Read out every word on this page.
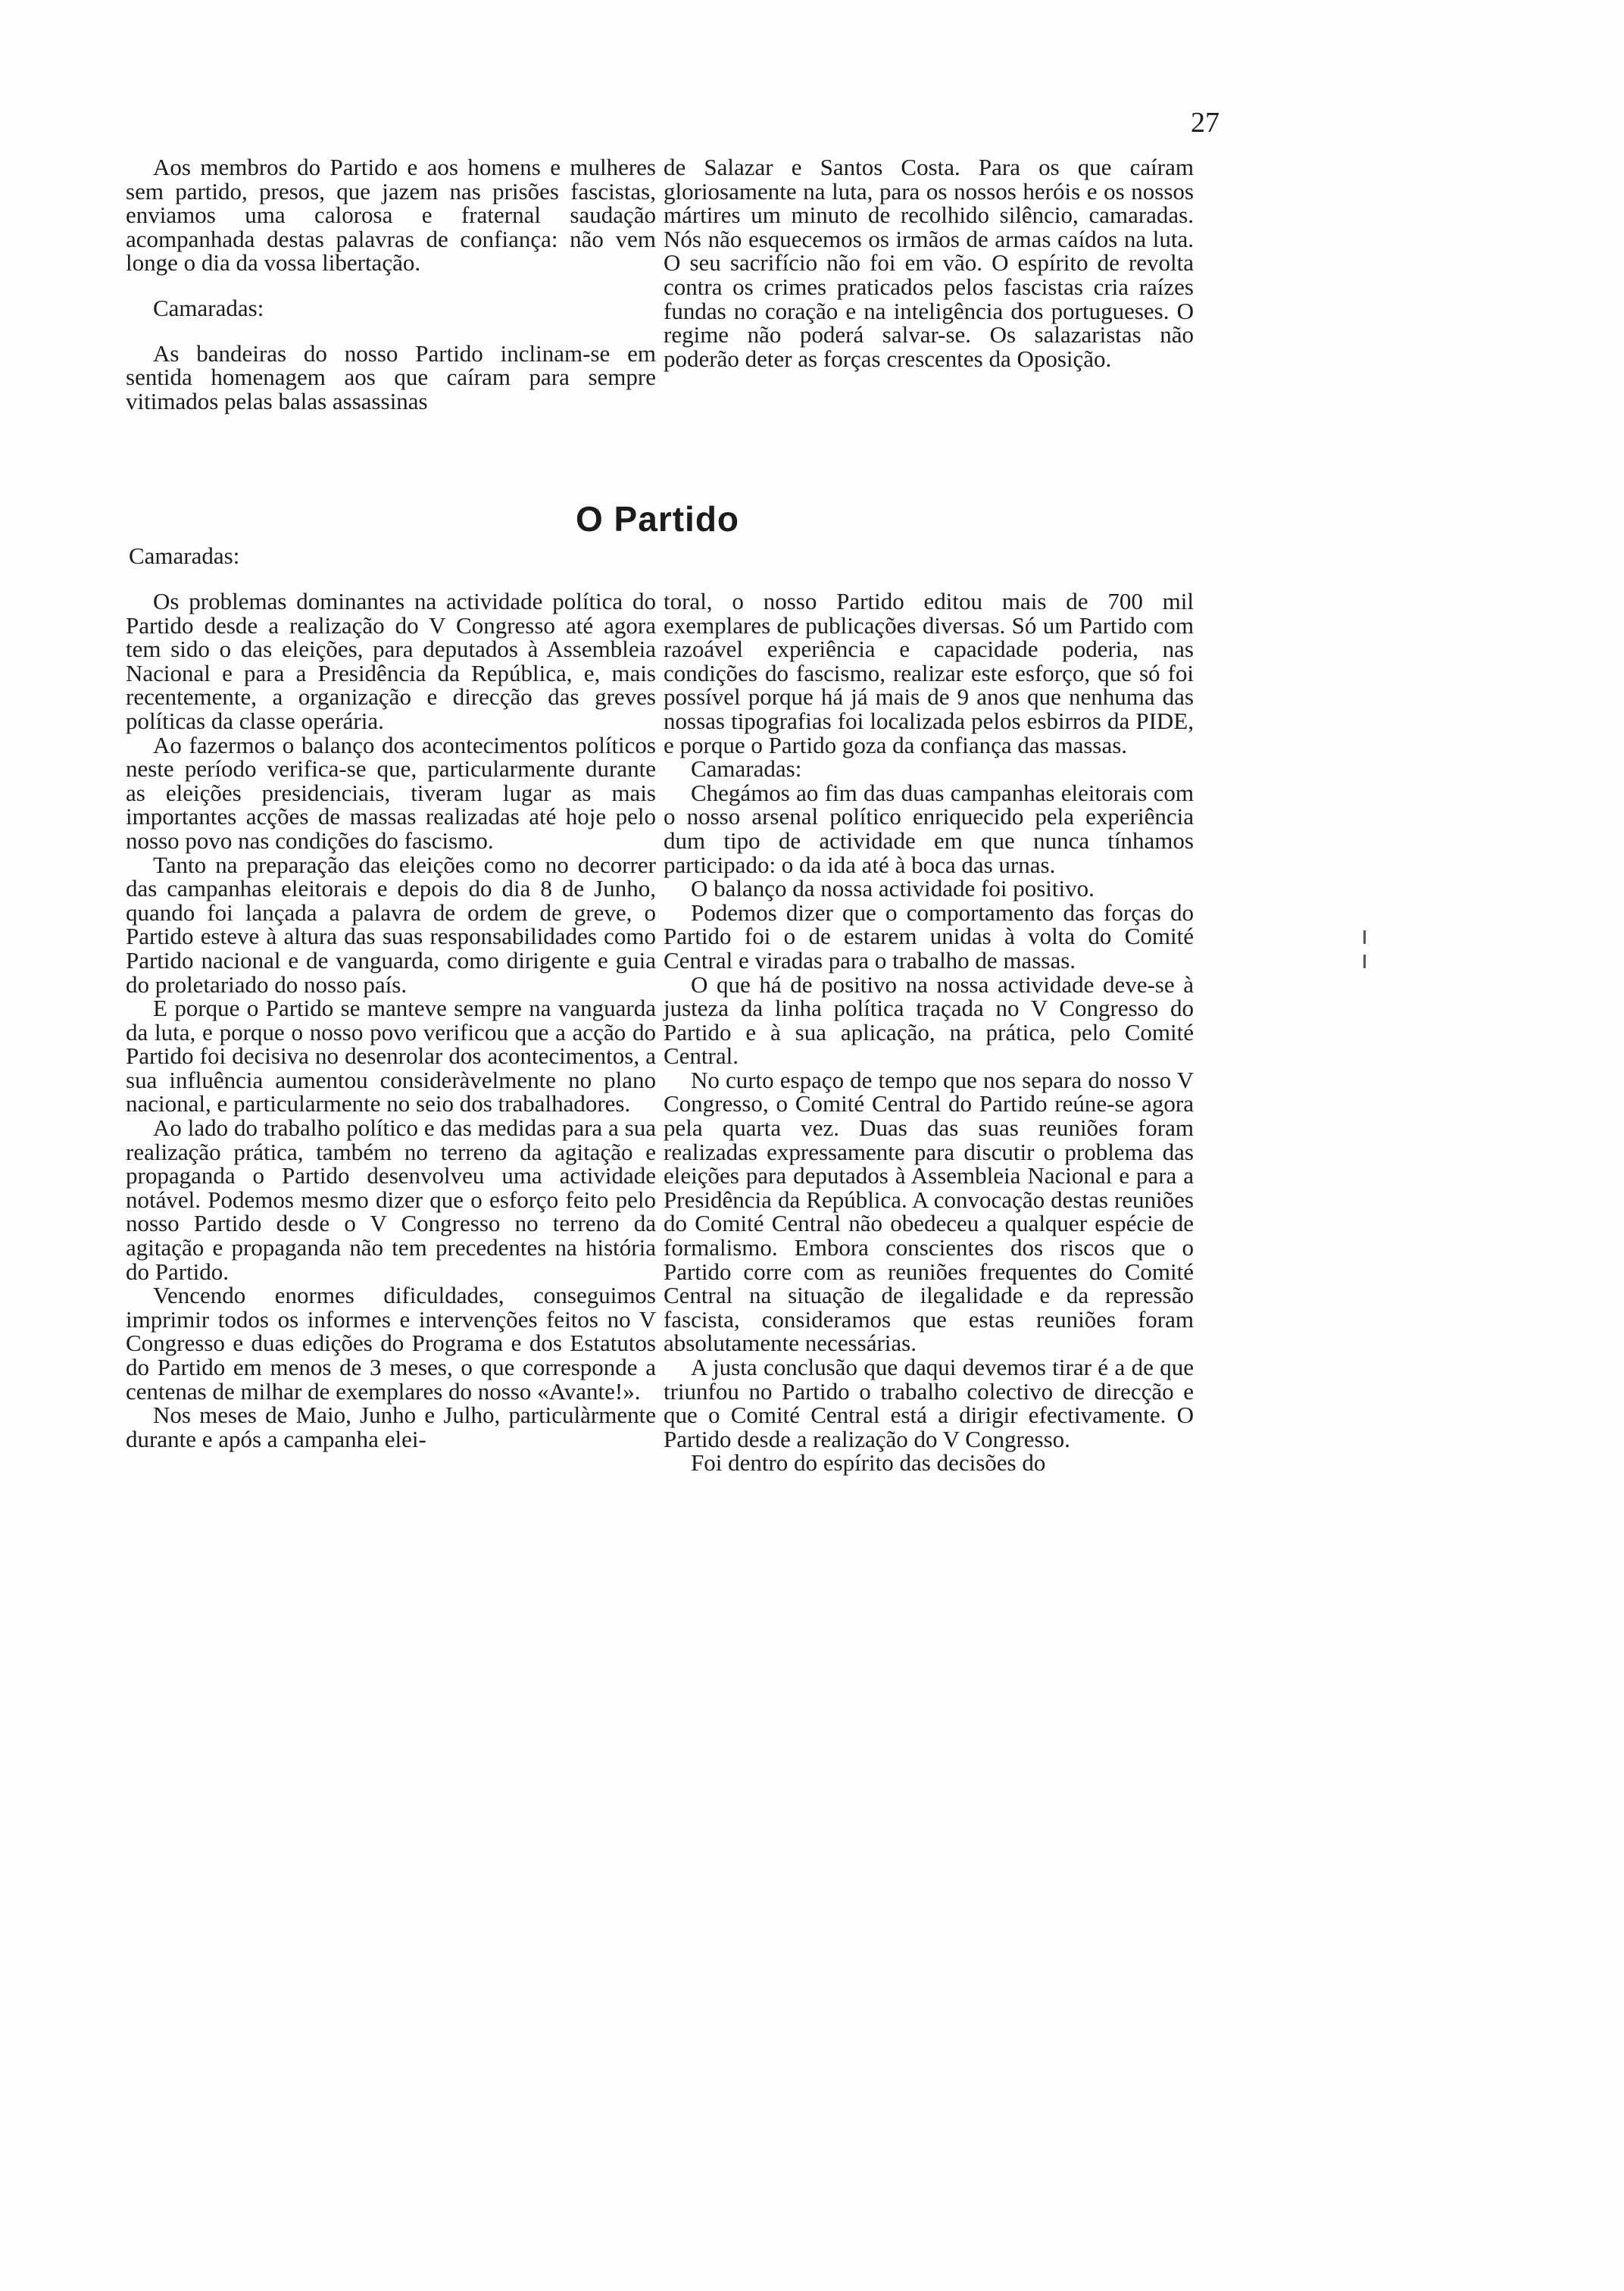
27

Aos membros do Partido e aos homens e mulheres sem partido, presos, que jazem nas prisões fascistas, enviamos uma calorosa e fraternal saudação acompanhada destas palavras de confiança: não vem longe o dia da vossa libertação.

Camaradas:

As bandeiras do nosso Partido inclinam-se em sentida homenagem aos que caíram para sempre vitimados pelas balas assassinas

de Salazar e Santos Costa. Para os que caíram gloriosamente na luta, para os nossos heróis e os nossos mártires um minuto de recolhido silêncio, camaradas. Nós não esquecemos os irmãos de armas caídos na luta. O seu sacrifício não foi em vão. O espírito de revolta contra os crimes praticados pelos fascistas cria raízes fundas no coração e na inteligência dos portugueses. O regime não poderá salvar-se. Os salazaristas não poderão deter as forças crescentes da Oposição.

O Partido
Camaradas:

Os problemas dominantes na actividade política do Partido desde a realização do V Congresso até agora tem sido o das eleições, para deputados à Assembleia Nacional e para a Presidência da República, e, mais recentemente, a organização e direcção das greves políticas da classe operária.

Ao fazermos o balanço dos acontecimentos políticos neste período verifica-se que, particularmente durante as eleições presidenciais, tiveram lugar as mais importantes acções de massas realizadas até hoje pelo nosso povo nas condições do fascismo.

Tanto na preparação das eleições como no decorrer das campanhas eleitorais e depois do dia 8 de Junho, quando foi lançada a palavra de ordem de greve, o Partido esteve à altura das suas responsabilidades como Partido nacional e de vanguarda, como dirigente e guia do proletariado do nosso país.

E porque o Partido se manteve sempre na vanguarda da luta, e porque o nosso povo verificou que a acção do Partido foi decisiva no desenrolar dos acontecimentos, a sua influência aumentou consideràvelmente no plano nacional, e particularmente no seio dos trabalhadores.

Ao lado do trabalho político e das medidas para a sua realização prática, também no terreno da agitação e propaganda o Partido desenvolveu uma actividade notável. Podemos mesmo dizer que o esforço feito pelo nosso Partido desde o V Congresso no terreno da agitação e propaganda não tem precedentes na história do Partido.

Vencendo enormes dificuldades, conseguimos imprimir todos os informes e intervenções feitos no V Congresso e duas edições do Programa e dos Estatutos do Partido em menos de 3 meses, o que corresponde a centenas de milhar de exemplares do nosso «Avante!».

Nos meses de Maio, Junho e Julho, particulàrmente durante e após a campanha elei-

toral, o nosso Partido editou mais de 700 mil exemplares de publicações diversas. Só um Partido com razoável experiência e capacidade poderia, nas condições do fascismo, realizar este esforço, que só foi possível porque há já mais de 9 anos que nenhuma das nossas tipografias foi localizada pelos esbirros da PIDE, e porque o Partido goza da confiança das massas.

Camaradas:

Chegámos ao fim das duas campanhas eleitorais com o nosso arsenal político enriquecido pela experiência dum tipo de actividade em que nunca tínhamos participado: o da ida até à boca das urnas.

O balanço da nossa actividade foi positivo.

Podemos dizer que o comportamento das forças do Partido foi o de estarem unidas à volta do Comité Central e viradas para o trabalho de massas.

O que há de positivo na nossa actividade deve-se à justeza da linha política traçada no V Congresso do Partido e à sua aplicação, na prática, pelo Comité Central.

No curto espaço de tempo que nos separa do nosso V Congresso, o Comité Central do Partido reúne-se agora pela quarta vez. Duas das suas reuniões foram realizadas expressamente para discutir o problema das eleições para deputados à Assembleia Nacional e para a Presidência da República. A convocação destas reuniões do Comité Central não obedeceu a qualquer espécie de formalismo. Embora conscientes dos riscos que o Partido corre com as reuniões frequentes do Comité Central na situação de ilegalidade e da repressão fascista, consideramos que estas reuniões foram absolutamente necessárias.

A justa conclusão que daqui devemos tirar é a de que triunfou no Partido o trabalho colectivo de direcção e que o Comité Central está a dirigir efectivamente. O Partido desde a realização do V Congresso.

Foi dentro do espírito das decisões do
